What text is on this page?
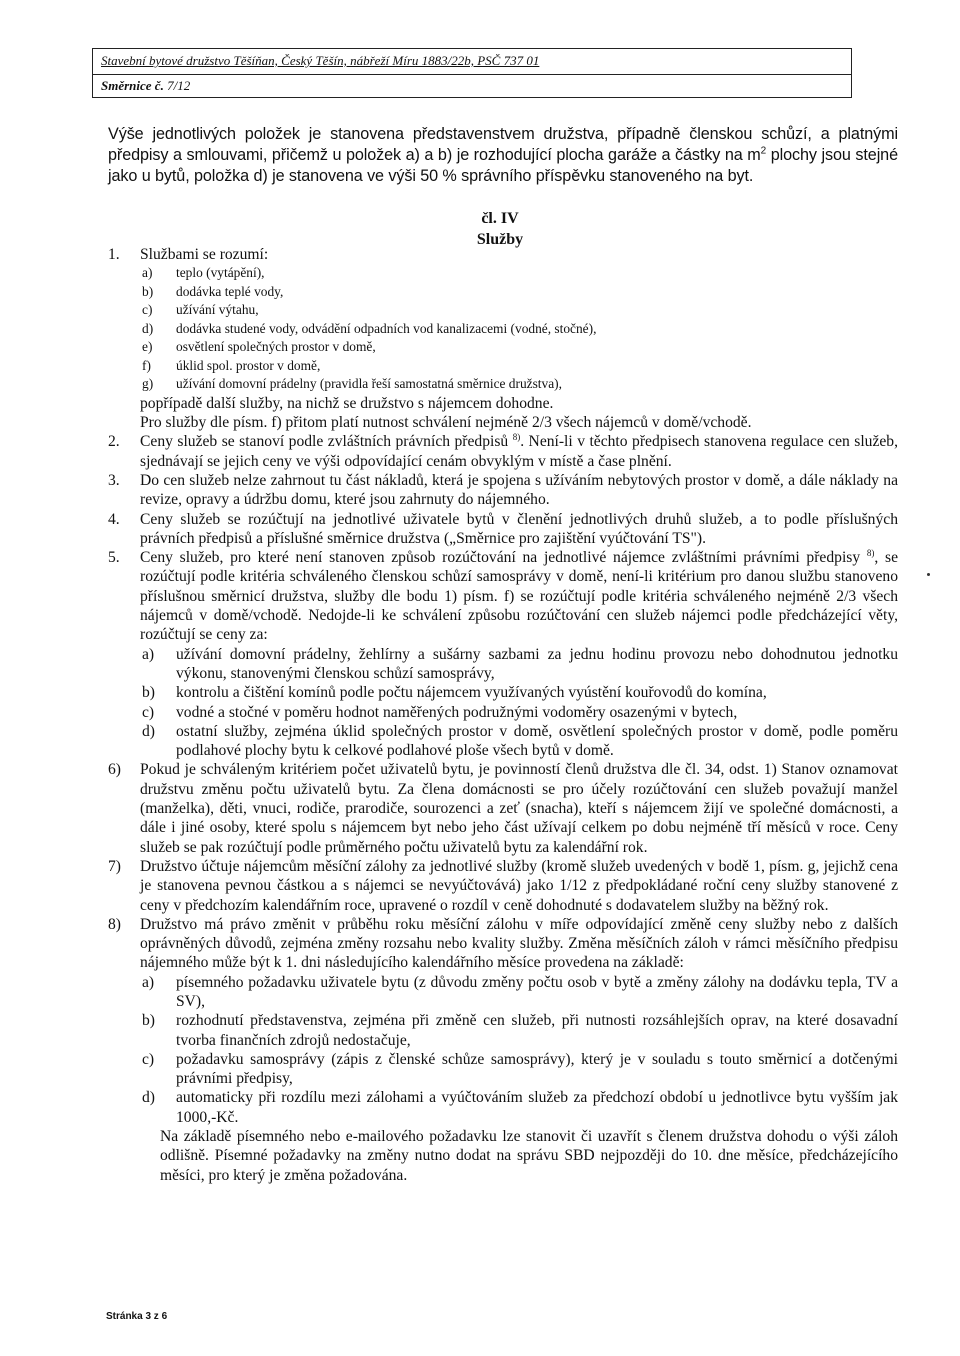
Stavební bytové družstvo Těšíňan, Český Těšín, nábřeží Míru 1883/22b, PSČ 737 01
Směrnice č. 7/12
Výše jednotlivých položek je stanovena představenstvem družstva, případně členskou schůzí, a platnými předpisy a smlouvami, přičemž u položek a) a b) je rozhodující plocha garáže a částky na $m^2$ plochy jsou stejné jako u bytů, položka d) je stanovena ve výši 50 % správního příspěvku stanoveného na byt.
čl. IV
Služby
1.	Službami se rozumí:
a) teplo (vytápění),
b) dodávka teplé vody,
c) užívání výtahu,
d) dodávka studené vody, odvádění odpadních vod kanalizacemi (vodné, stočné),
e) osvětlení společných prostor v domě,
f) úklid spol. prostor v domě,
g) užívání domovní prádelny (pravidla řeší samostatná směrnice družstva),
popřípadě další služby, na nichž se družstvo s nájemcem dohodne.
Pro služby dle písm. f) přitom platí nutnost schválení nejméně 2/3 všech nájemců v domě/vchodě.
2.	Ceny služeb se stanoví podle zvláštních právních předpisů $^{8)}$. Není-li v těchto předpisech stanovena regulace cen služeb, sjednávají se jejich ceny ve výši odpovídající cenám obvyklým v místě a čase plnění.
3.	Do cen služeb nelze zahrnout tu část nákladů, která je spojena s užíváním nebytových prostor v domě, a dále náklady na revize, opravy a údržbu domu, které jsou zahrnuty do nájemného.
4.	Ceny služeb se rozúčtují na jednotlivé uživatele bytů v členění jednotlivých druhů služeb, a to podle příslušných právních předpisů a příslušné směrnice družstva („Směrnice pro zajištění vyúčtování TS").
5.	Ceny služeb, pro které není stanoven způsob rozúčtování na jednotlivé nájemce zvláštními právními předpisy $^{8)}$, se rozúčtují podle kritéria schváleného členskou schůzí samosprávy v domě, není-li kritérium pro danou službu stanoveno příslušnou směrnicí družstva, služby dle bodu 1) písm. f) se rozúčtují podle kritéria schváleného nejméně 2/3 všech nájemců v domě/vchodě. Nedojde-li ke schválení způsobu rozúčtování cen služeb nájemci podle předcházející věty, rozúčtují se ceny za:
a) užívání domovní prádelny, žehlírny a sušárny sazbami za jednu hodinu provozu nebo dohodnutou jednotku výkonu, stanovenými členskou schůzí samosprávy,
b) kontrolu a čištění komínů podle počtu nájemcem využívaných vyústění kouřovodů do komína,
c) vodné a stočné v poměru hodnot naměřených podružnými vodoměry osazenými v bytech,
d) ostatní služby, zejména úklid společných prostor v domě, osvětlení společných prostor v domě, podle poměru podlahové plochy bytu k celkové podlahové ploše všech bytů v domě.
6)	Pokud je schváleným kritériem počet uživatelů bytu, je povinností členů družstva dle čl. 34, odst. 1) Stanov oznamovat družstvu změnu počtu uživatelů bytu. Za člena domácnosti se pro účely rozúčtování cen služeb považují manžel (manželka), děti, vnuci, rodiče, prarodiče, sourozenci a zeť (snacha), kteří s nájemcem žijí ve společné domácnosti, a dále i jiné osoby, které spolu s nájemcem byt nebo jeho část užívají celkem po dobu nejméně tří měsíců v roce. Ceny služeb se pak rozúčtují podle průměrného počtu uživatelů bytu za kalendářní rok.
7)	Družstvo účtuje nájemcům měsíční zálohy za jednotlivé služby (kromě služeb uvedených v bodě 1, písm. g, jejichž cena je stanovena pevnou částkou a s nájemci se nevyúčtovává) jako 1/12 z předpokládané roční ceny služby stanovené z ceny v předchozím kalendářním roce, upravené o rozdíl v ceně dohodnuté s dodavatelem služby na běžný rok.
8)	Družstvo má právo změnit v průběhu roku měsíční zálohu v míře odpovídající změně ceny služby nebo z dalších oprávněných důvodů, zejména změny rozsahu nebo kvality služby. Změna měsíčních záloh v rámci měsíčního předpisu nájemného může být k 1. dni následujícího kalendářního měsíce provedena na základě:
a) písemného požadavku uživatele bytu (z důvodu změny počtu osob v bytě a změny zálohy na dodávku tepla, TV a SV),
b) rozhodnutí představenstva, zejména při změně cen služeb, při nutnosti rozsáhlejších oprav, na které dosavadní tvorba finančních zdrojů nedostačuje,
c) požadavku samosprávy (zápis z členské schůze samosprávy), který je v souladu s touto směrnicí a dotčenými právními předpisy,
d) automaticky při rozdílu mezi zálohami a vyúčtováním služeb za předchozí období u jednotlivce bytu vyšším jak 1000,-Kč.
Na základě písemného nebo e-mailového požadavku lze stanovit či uzavřít s členem družstva dohodu o výši záloh odlišně. Písemné požadavky na změny nutno dodat na správu SBD nejpozději do 10. dne měsíce, předcházejícího měsíci, pro který je změna požadována.
Stránka 3 z 6
